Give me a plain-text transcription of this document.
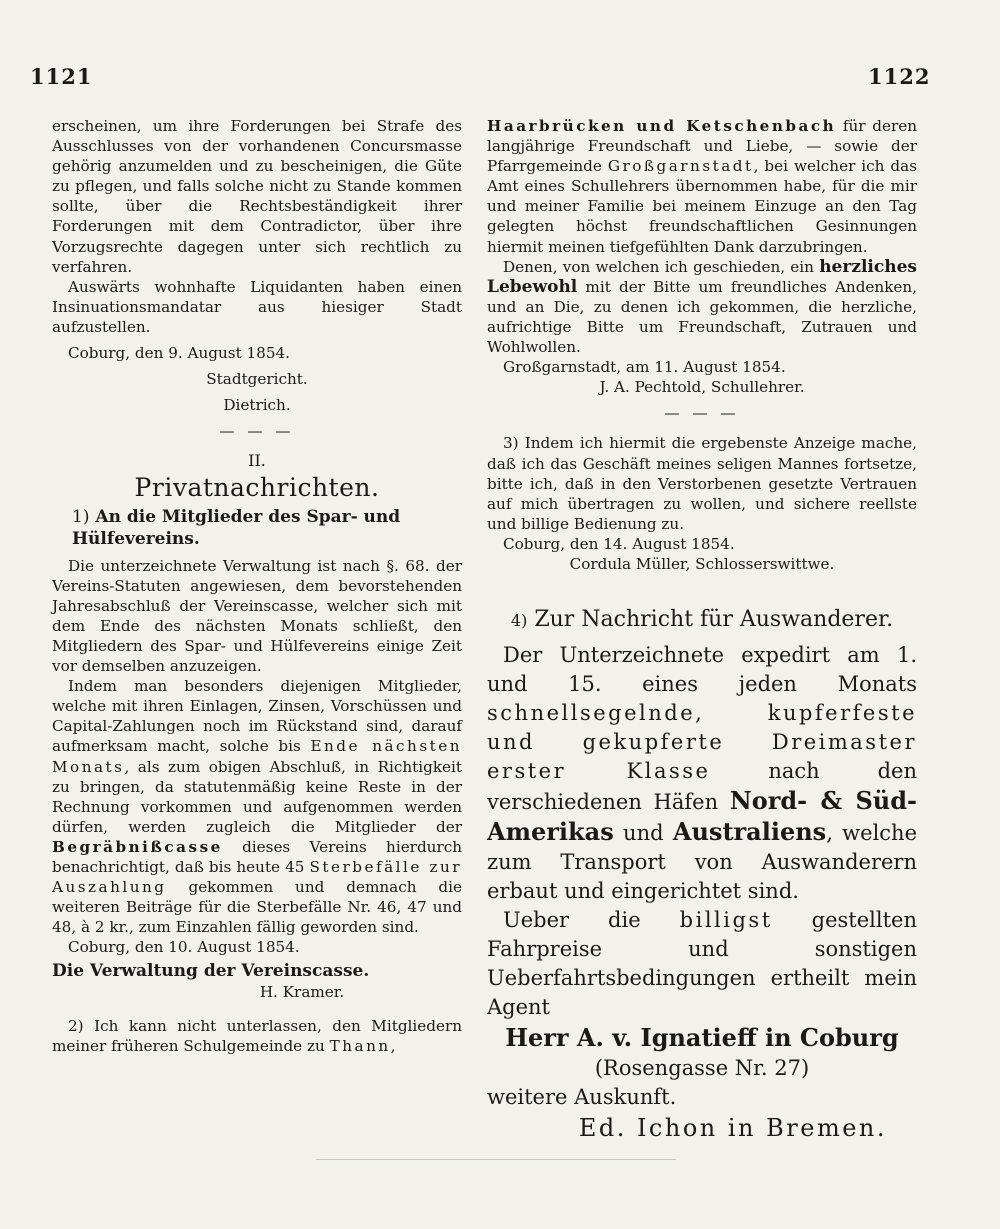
1121	1122

erscheinen, um ihre Forderungen bei Strafe des Ausschlusses von der vorhandenen Concursmasse gehörig anzumelden und zu bescheinigen, die Güte zu pflegen, und falls solche nicht zu Stande kommen sollte, über die Rechtsbeständigkeit ihrer Forderungen mit dem Contradictor, über ihre Vorzugsrechte dagegen unter sich rechtlich zu verfahren.

Auswärts wohnhafte Liquidanten haben einen Insinuationsmandatar aus hiesiger Stadt aufzustellen.

Coburg, den 9. August 1854.

Stadtgericht.

Dietrich.

— — —

II.

Privatnachrichten.

1) An die Mitglieder des Spar- und Hülfevereins.

Die unterzeichnete Verwaltung ist nach §. 68. der Vereins-Statuten angewiesen, dem bevorstehenden Jahresabschluß der Vereinscasse, welcher sich mit dem Ende des nächsten Monats schließt, den Mitgliedern des Spar- und Hülfevereins einige Zeit vor demselben anzuzeigen.

Indem man besonders diejenigen Mitglieder, welche mit ihren Einlagen, Zinsen, Vorschüssen und Capital-Zahlungen noch im Rückstand sind, darauf aufmerksam macht, solche bis Ende nächsten Monats, als zum obigen Abschluß, in Richtigkeit zu bringen, da statutenmäßig keine Reste in der Rechnung vorkommen und aufgenommen werden dürfen, werden zugleich die Mitglieder der Begräbnißcasse dieses Vereins hierdurch benachrichtigt, daß bis heute 45 Sterbefälle zur Auszahlung gekommen und demnach die weiteren Beiträge für die Sterbefälle Nr. 46, 47 und 48, à 2 kr., zum Einzahlen fällig geworden sind.

Coburg, den 10. August 1854.

Die Verwaltung der Vereinscasse.

H. Kramer.

2) Ich kann nicht unterlassen, den Mitgliedern meiner früheren Schulgemeinde zu Thann,

Haarbrücken und Ketschenbach für deren langjährige Freundschaft und Liebe, — sowie der Pfarrgemeinde Großgarnstadt, bei welcher ich das Amt eines Schullehrers übernommen habe, für die mir und meiner Familie bei meinem Einzuge an den Tag gelegten höchst freundschaftlichen Gesinnungen hiermit meinen tiefgefühlten Dank darzubringen.

Denen, von welchen ich geschieden, ein herzliches Lebewohl mit der Bitte um freundliches Andenken, und an Die, zu denen ich gekommen, die herzliche, aufrichtige Bitte um Freundschaft, Zutrauen und Wohlwollen.

Großgarnstadt, am 11. August 1854.

J. A. Pechtold, Schullehrer.

— — —

3) Indem ich hiermit die ergebenste Anzeige mache, daß ich das Geschäft meines seligen Mannes fortsetze, bitte ich, daß in den Verstorbenen gesetzte Vertrauen auf mich übertragen zu wollen, und sichere reellste und billige Bedienung zu.

Coburg, den 14. August 1854.

Cordula Müller, Schlosserswittwe.

4) Zur Nachricht für Auswanderer.

Der Unterzeichnete expedirt am 1. und 15. eines jeden Monats schnellsegelnde, kupferfeste und gekupferte Dreimaster erster Klasse nach den verschiedenen Häfen Nord- & Süd-Amerikas und Australiens, welche zum Transport von Auswanderern erbaut und eingerichtet sind.

Ueber die billigst gestellten Fahrpreise und sonstigen Ueberfahrtsbedingungen ertheilt mein Agent

Herr A. v. Ignatieff in Coburg

(Rosengasse Nr. 27)

weitere Auskunft.

Ed. Ichon in Bremen.
